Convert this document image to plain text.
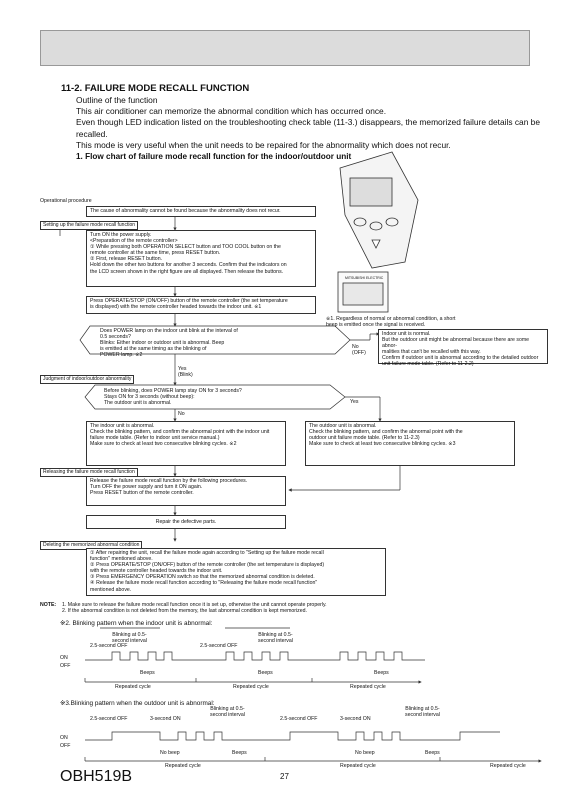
11-2. FAILURE MODE RECALL FUNCTION
Outline of the function
This air conditioner can memorize the abnormal condition which has occurred once.
Even though LED indication listed on the troubleshooting check table (11-3.) disappears, the memorized failure details can be recalled.
This mode is very useful when the unit needs to be repaired for the abnormality which does not recur.
1. Flow chart of failure mode recall function for the indoor/outdoor unit
Operational procedure
The cause of abnormality cannot be found because the abnormality does not recur.
Setting up the failure mode recall function
Turn ON the power supply.
<Preparation of the remote controller>
① While pressing both OPERATION SELECT button and TOO COOL button on the
remote controller at the same time, press RESET button.
② First, release RESET button.
Hold down the other two buttons for another 3 seconds. Confirm that the indicators on
the LCD screen shown in the right figure are all displayed. Then release the buttons.
Press OPERATE/STOP (ON/OFF) button of the remote controller (the set temperature
is displayed) with the remote controller headed towards the indoor unit. ※1
※1. Regardless of normal or abnormal condition, a short
beep is emitted once the signal is received.
Does POWER lamp on the indoor unit blink at the interval of
0.5 seconds?
Blinks: Either indoor or outdoor unit is abnormal. Beep
is emitted at the same timing as the blinking of
POWER lamp. ※2
No
(OFF)
Indoor unit is normal.
But the outdoor unit might be abnormal because there are some abnor-
malities that can't be recalled with this way.
Confirm if outdoor unit is abnormal according to the detailed outdoor
unit failure mode table. (Refer to 11-2.2)
Yes
(Blink)
Judgment of indoor/outdoor abnormality
Before blinking, does POWER lamp stay ON for 3 seconds?
Stays ON for 3 seconds (without beep):
The outdoor unit is abnormal.	Yes
No
The indoor unit is abnormal.
Check the blinking pattern, and confirm the abnormal point with the indoor unit
failure mode table. (Refer to indoor unit service manual.)
Make sure to check at least two consecutive blinking cycles. ※2
The outdoor unit is abnormal.
Check the blinking pattern, and confirm the abnormal point with the
outdoor unit failure mode table. (Refer to 11-2.3)
Make sure to check at least two consecutive blinking cycles. ※3
Releasing the failure mode recall function
Release the failure mode recall function by the following procedures.
Turn OFF the power supply and turn it ON again.
Press RESET button of the remote controller.
Repair the defective parts.
Deleting the memorized abnormal condition
① After repairing the unit, recall the failure mode again according to "Setting up the failure mode recall
function" mentioned above.
② Press OPERATE/STOP (ON/OFF) button of the remote controller (the set temperature is displayed)
with the remote controller headed towards the indoor unit.
③ Press EMERGENCY OPERATION switch so that the memorized abnormal condition is deleted.
④ Release the failure mode recall function according to "Releasing the failure mode recall function"
mentioned above.
NOTE: 1. Make sure to release the failure mode recall function once it is set up, otherwise the unit cannot operate properly.
2. If the abnormal condition is not deleted from the memory, the last abnormal condition is kept memorized.
※2. Blinking pattern when the indoor unit is abnormal:
Blinking at 0.5-
second interval
2.5-second OFF	2.5-second OFF
Blinking at 0.5-
second interval
ON
OFF
Beeps	Beeps	Beeps
Repeated cycle	Repeated cycle	Repeated cycle
※3.Blinking pattern when the outdoor unit is abnormal:
2.5-second OFF	3-second ON
Blinking at 0.5-
second interval
2.5-second OFF	3-second ON
Blinking at 0.5-
second interval
ON
OFF
No beep	Beeps	No beep	Beeps
Repeated cycle	Repeated cycle	Repeated cycle
MITSUBISHI ELECTRIC
OBH519B	27
